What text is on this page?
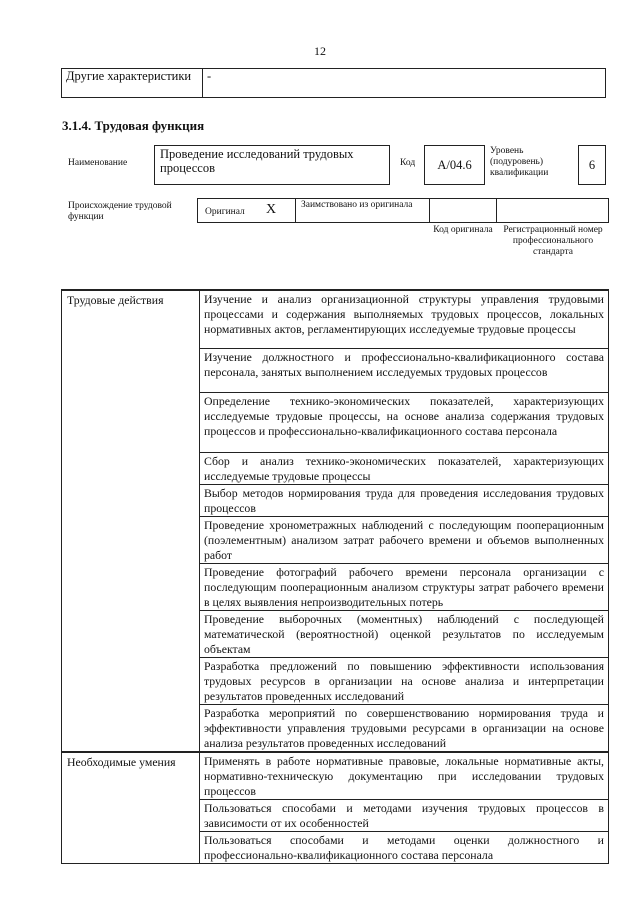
12
Другие характеристики	-
3.1.4. Трудовая функция
Наименование
Проведение исследований трудовых процессов	Код	A/04.6
Уровень (подуровень) квалификации
6
Происхождение трудовой функции	Оригинал X	Заимствовано из оригинала
Код оригинала	Регистрационный номер профессионального стандарта
Трудовые действия	Изучение и анализ организационной структуры управления трудовыми процессами и содержания выполняемых трудовых процессов, локальных нормативных актов, регламентирующих исследуемые трудовые процессы
	Изучение должностного и профессионально-квалификационного состава персонала, занятых выполнением исследуемых трудовых процессов
	Определение технико-экономических показателей, характеризующих исследуемые трудовые процессы, на основе анализа содержания трудовых процессов и профессионально-квалификационного состава персонала
	Сбор и анализ технико-экономических показателей, характеризующих исследуемые трудовые процессы
	Выбор методов нормирования труда для проведения исследования трудовых процессов
	Проведение хронометражных наблюдений с последующим пооперационным (поэлементным) анализом затрат рабочего времени и объемов выполненных работ
	Проведение фотографий рабочего времени персонала организации с последующим пооперационным анализом структуры затрат рабочего времени в целях выявления непроизводительных потерь
	Проведение выборочных (моментных) наблюдений с последующей математической (вероятностной) оценкой результатов по исследуемым объектам
	Разработка предложений по повышению эффективности использования трудовых ресурсов в организации на основе анализа и интерпретации результатов проведенных исследований
	Разработка мероприятий по совершенствованию нормирования труда и эффективности управления трудовыми ресурсами в организации на основе анализа результатов проведенных исследований
Необходимые умения	Применять в работе нормативные правовые, локальные нормативные акты, нормативно-техническую документацию при исследовании трудовых процессов
	Пользоваться способами и методами изучения трудовых процессов в зависимости от их особенностей
	Пользоваться способами и методами оценки должностного и профессионально-квалификационного состава персонала
